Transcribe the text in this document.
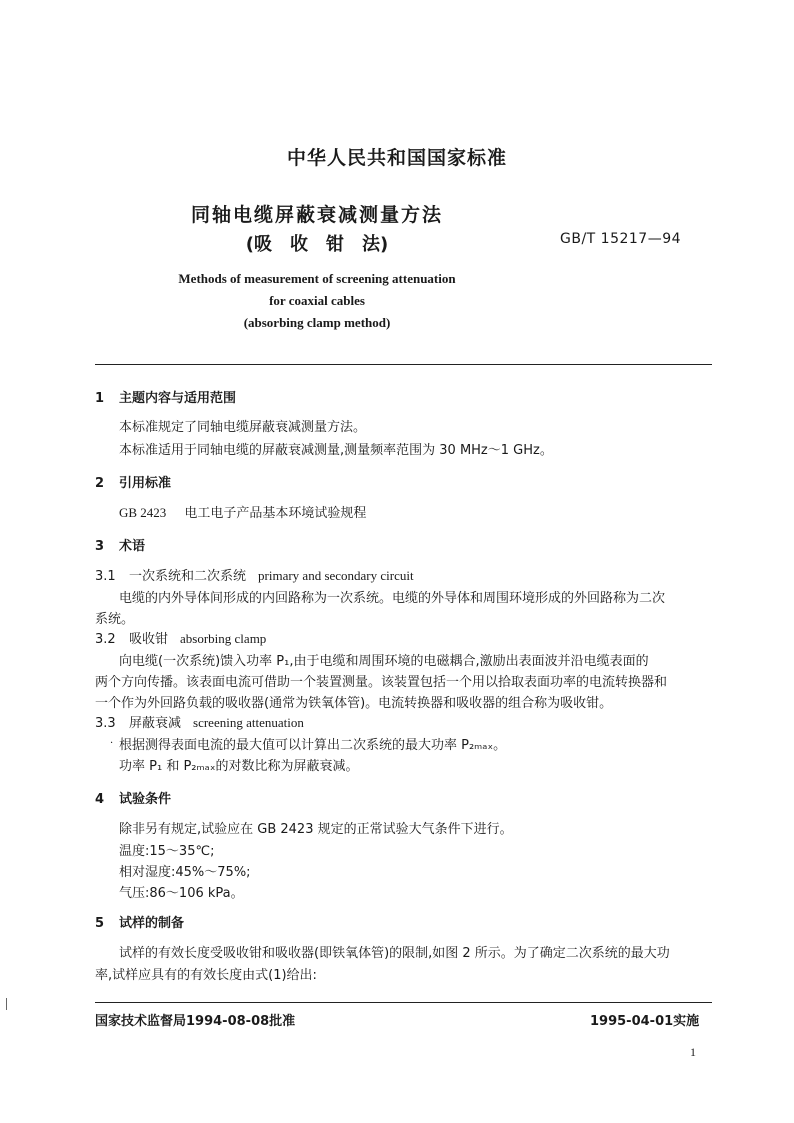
中华人民共和国国家标准
同轴电缆屏蔽衰减测量方法
(吸　收　钳　法)	GB/T 15217—94
Methods of measurement of screening attenuation
for coaxial cables
(absorbing clamp method)
1 主题内容与适用范围
本标准规定了同轴电缆屏蔽衰减测量方法。
本标准适用于同轴电缆的屏蔽衰减测量,测量频率范围为 30 MHz～1 GHz。
2 引用标准
GB 2423 电工电子产品基本环境试验规程
3 术语
3.1 一次系统和二次系统 primary and secondary circuit
电缆的内外导体间形成的内回路称为一次系统。电缆的外导体和周围环境形成的外回路称为二次
系统。
3.2 吸收钳 absorbing clamp
向电缆(一次系统)馈入功率 P₁,由于电缆和周围环境的电磁耦合,激励出表面波并沿电缆表面的
两个方向传播。该表面电流可借助一个装置测量。该装置包括一个用以拾取表面功率的电流转换器和
一个作为外回路负载的吸收器(通常为铁氧体管)。电流转换器和吸收器的组合称为吸收钳。
3.3 屏蔽衰减 screening attenuation
· 根据测得表面电流的最大值可以计算出二次系统的最大功率 P₂ₘₐₓ。
功率 P₁ 和 P₂ₘₐₓ的对数比称为屏蔽衰减。
4 试验条件
除非另有规定,试验应在 GB 2423 规定的正常试验大气条件下进行。
温度:15～35℃;
相对湿度:45%～75%;
气压:86～106 kPa。
5 试样的制备
试样的有效长度受吸收钳和吸收器(即铁氧体管)的限制,如图 2 所示。为了确定二次系统的最大功
率,试样应具有的有效长度由式(1)给出:
国家技术监督局1994-08-08批准	1995-04-01实施
1
